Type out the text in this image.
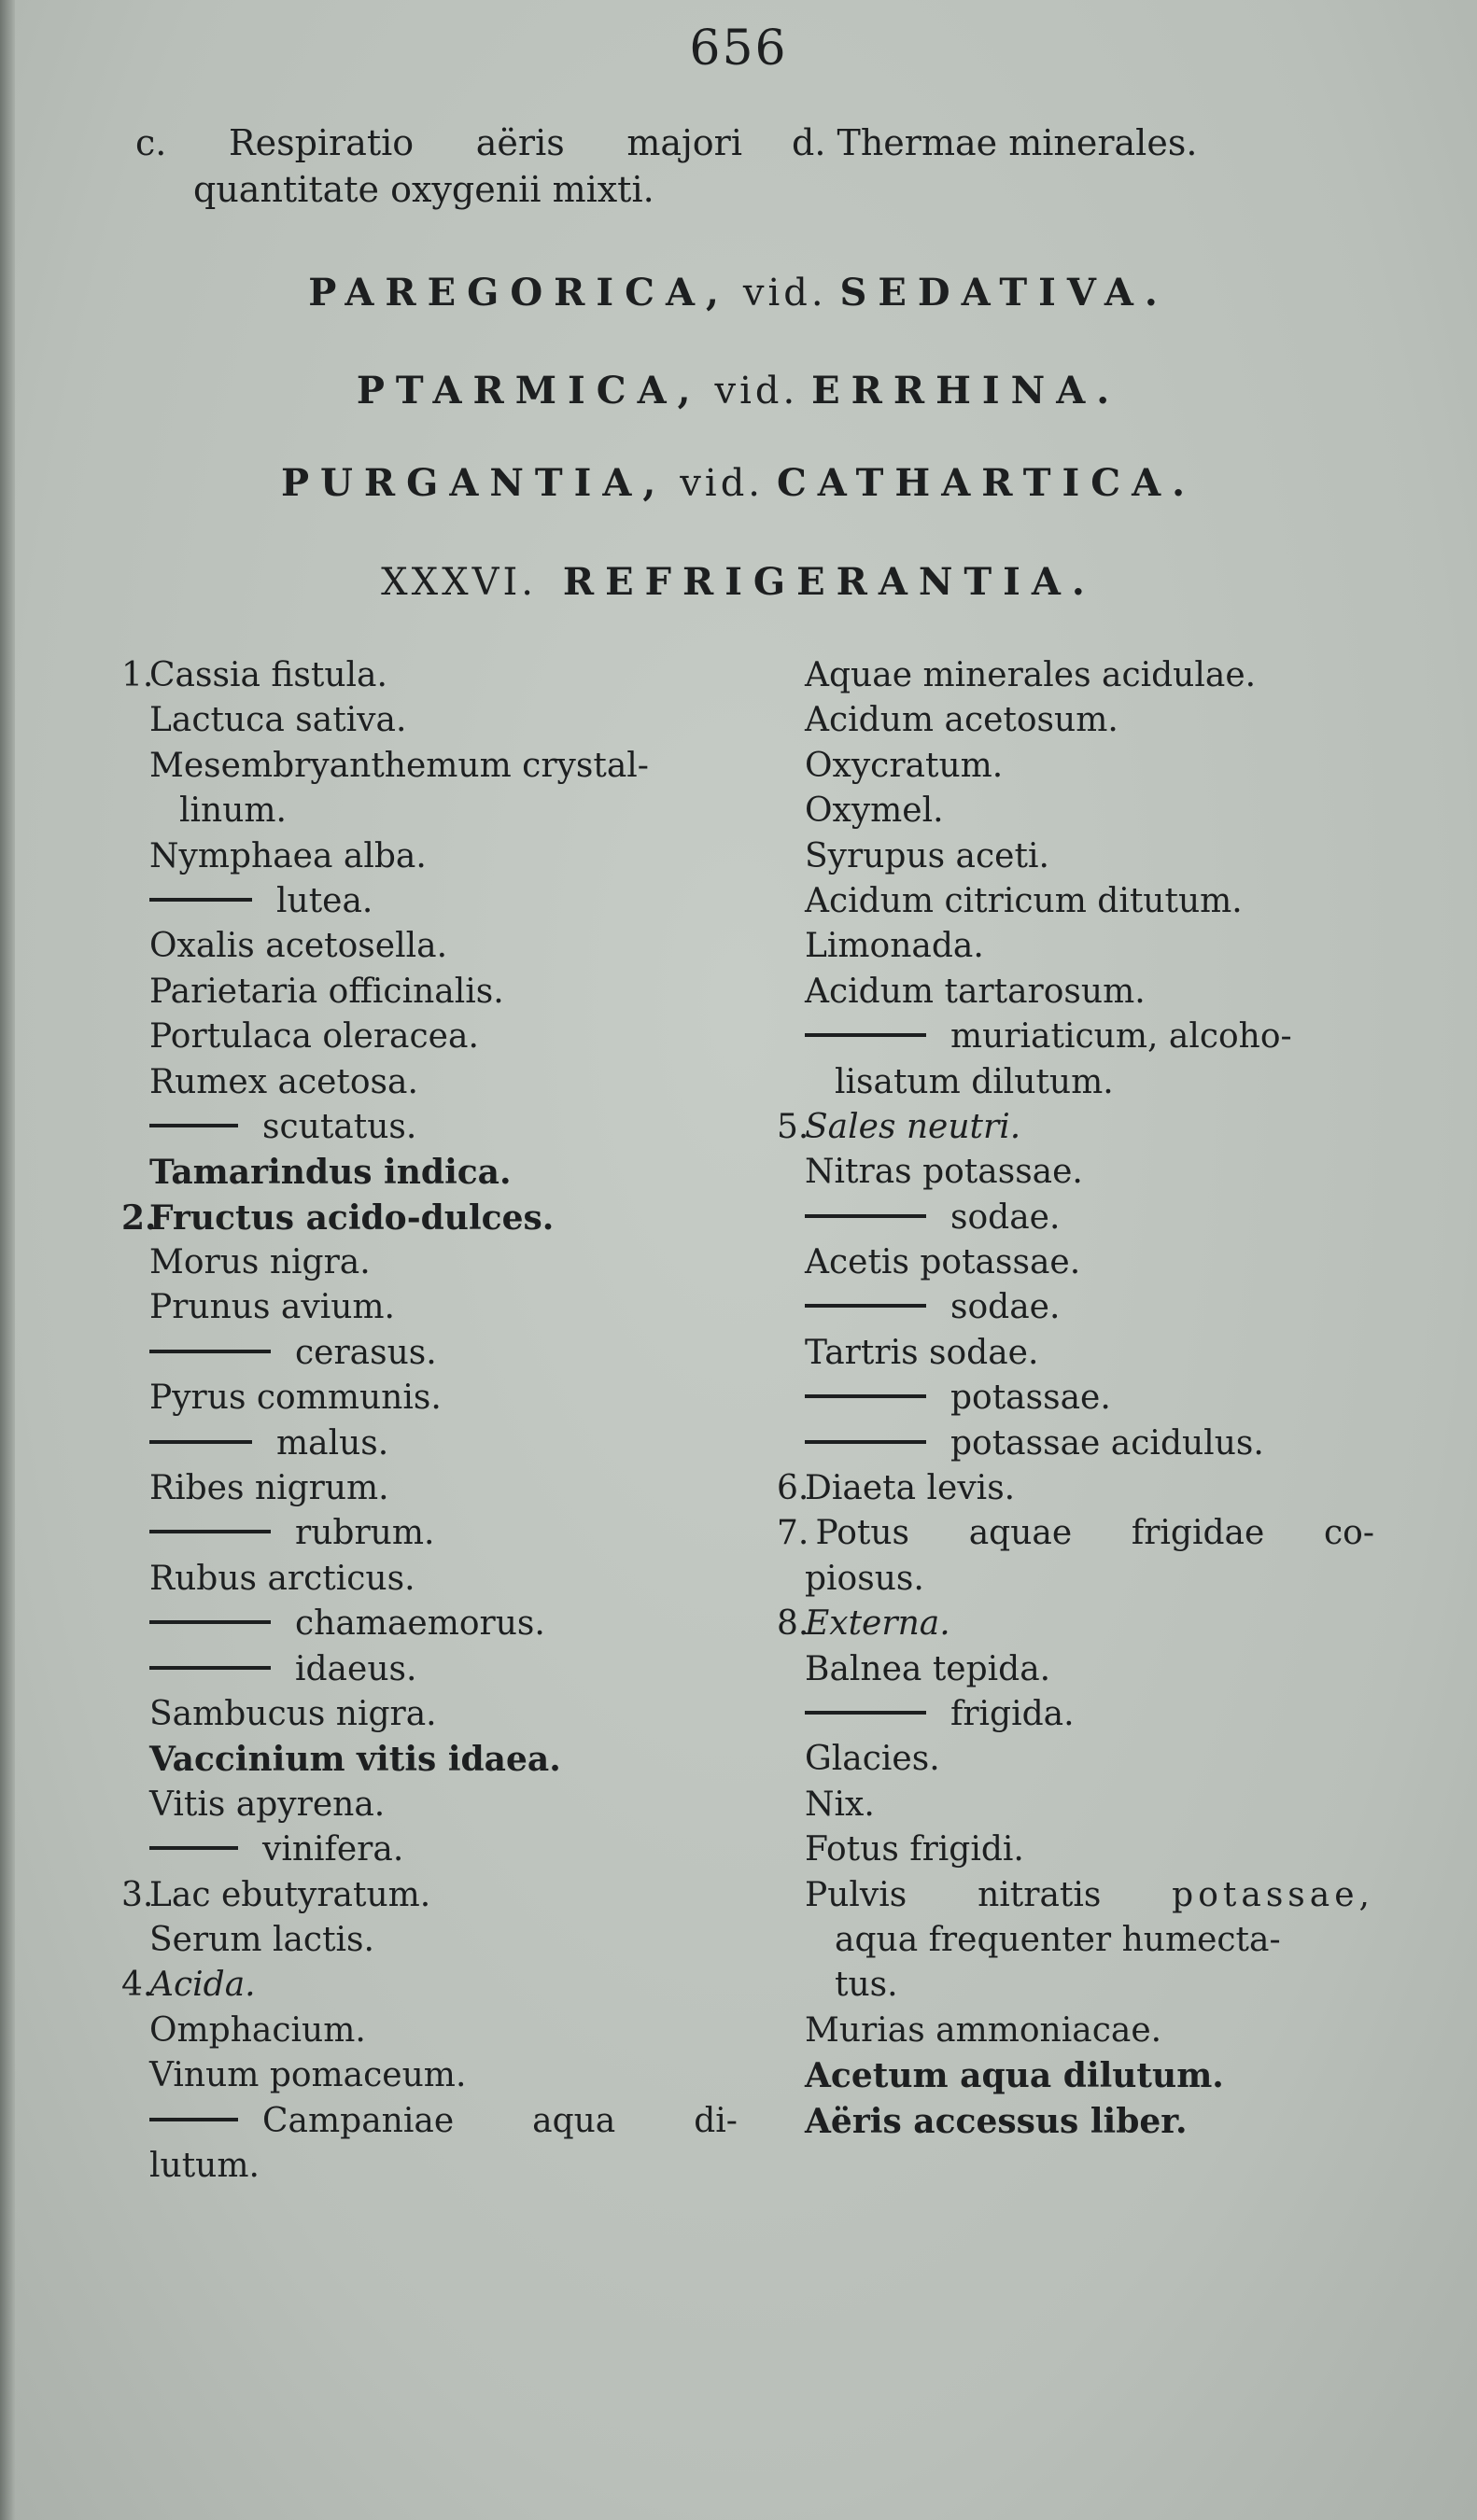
656
c. Respiratio aëris majori
quantitate oxygenii mixti.
d. Thermae minerales.
PAREGORICA, vid. SEDATIVA.
PTARMICA, vid. ERRHINA.
PURGANTIA, vid. CATHARTICA.
XXXVI. REFRIGERANTIA.
1.Cassia fistula.
Lactuca sativa.
Mesembryanthemum crystal-
linum.
Nymphaea alba.
lutea.
Oxalis acetosella.
Parietaria officinalis.
Portulaca oleracea.
Rumex acetosa.
scutatus.
Tamarindus indica.
2.Fructus acido-dulces.
Morus nigra.
Prunus avium.
cerasus.
Pyrus communis.
malus.
Ribes nigrum.
rubrum.
Rubus arcticus.
chamaemorus.
idaeus.
Sambucus nigra.
Vaccinium vitis idaea.
Vitis apyrena.
vinifera.
3.Lac ebutyratum.
Serum lactis.
4.Acida.
Omphacium.
Vinum pomaceum.
Campaniae aqua di-
lutum.
Aquae minerales acidulae.
Acidum acetosum.
Oxycratum.
Oxymel.
Syrupus aceti.
Acidum citricum ditutum.
Limonada.
Acidum tartarosum.
muriaticum, alcoho-
lisatum dilutum.
5.Sales neutri.
Nitras potassae.
sodae.
Acetis potassae.
sodae.
Tartris sodae.
potassae.
potassae acidulus.
6.Diaeta levis.
7. Potus aquae frigidae co-
piosus.
8.Externa.
Balnea tepida.
frigida.
Glacies.
Nix.
Fotus frigidi.
Pulvis nitratis potassae,
aqua frequenter humecta-
tus.
Murias ammoniacae.
Acetum aqua dilutum.
Aëris accessus liber.
